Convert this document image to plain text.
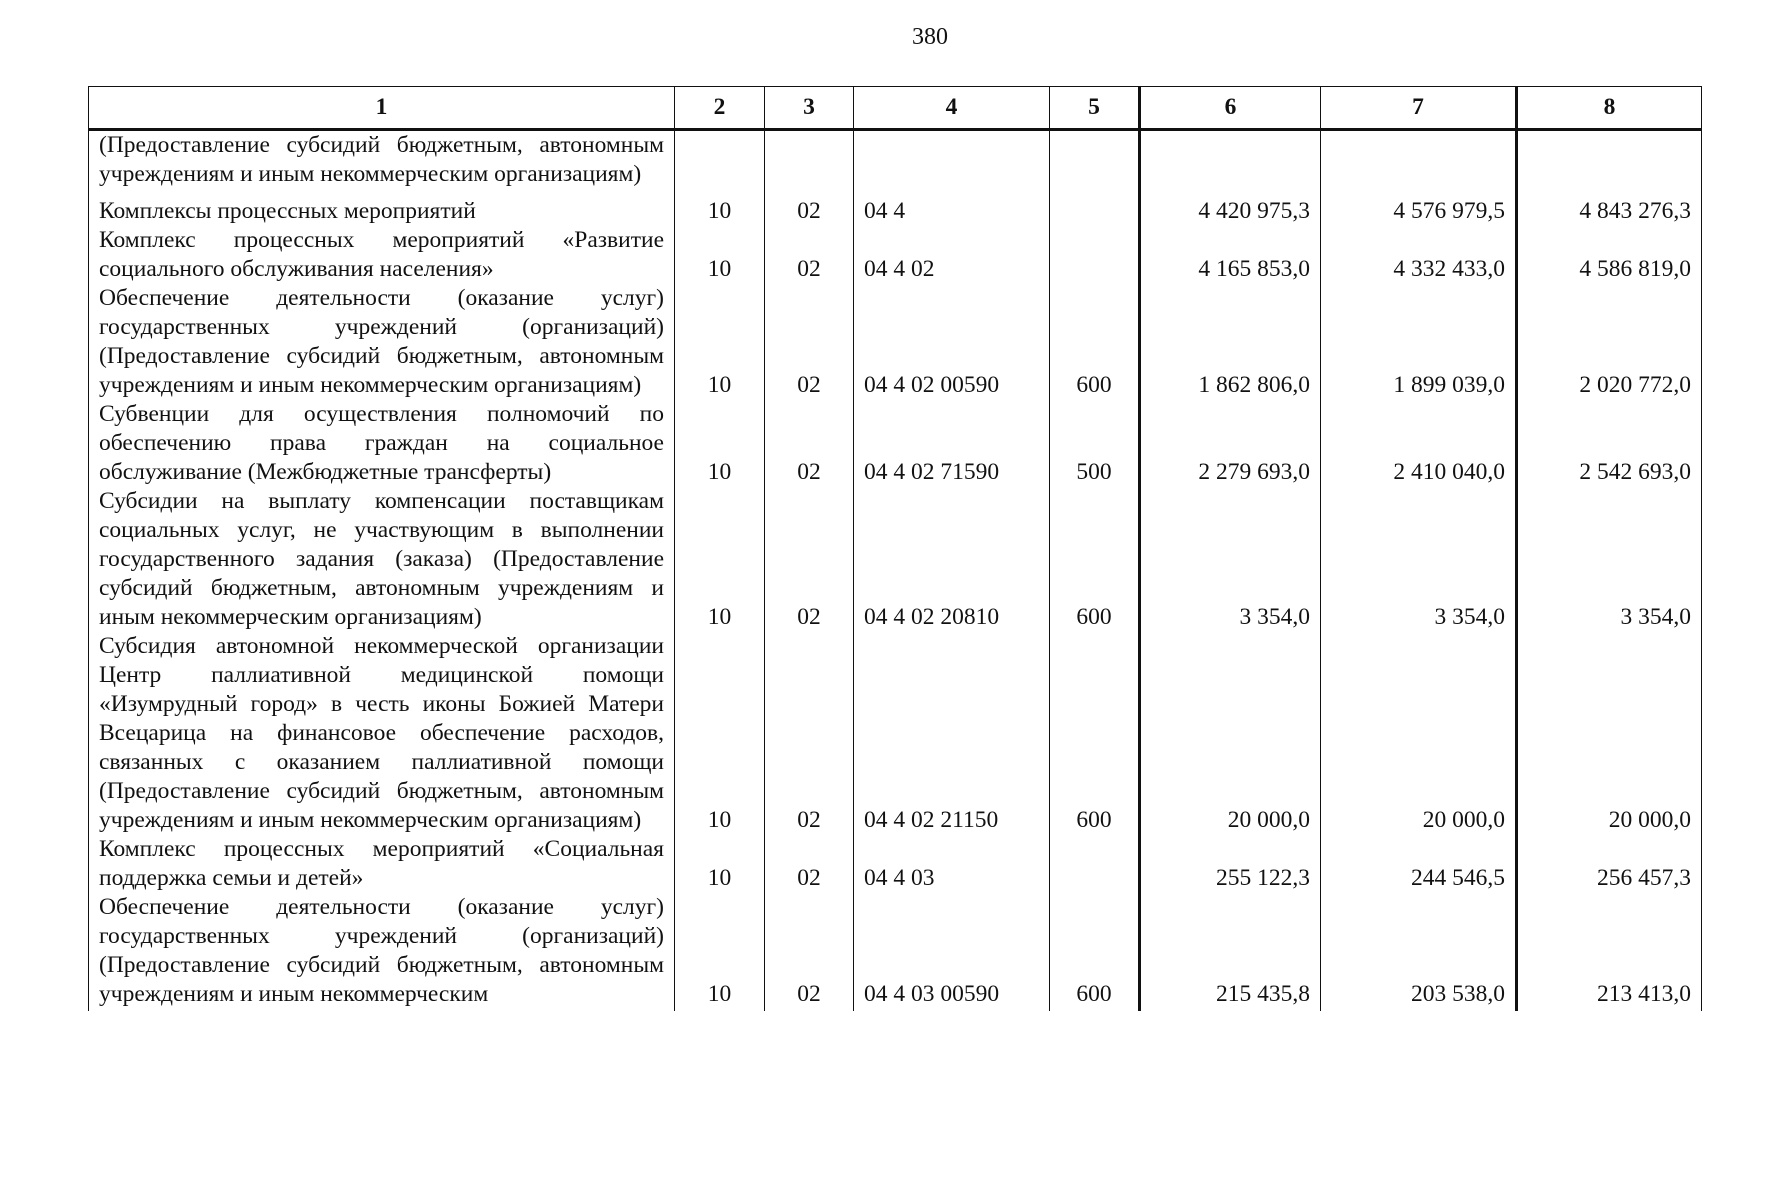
380
1	2	3	4	5	6	7	8
(Предоставление субсидий бюджетным, автономным учреждениям и иным некоммерческим организациям)							

Комплексы процессных мероприятий	10	02	04 4		4 420 975,3	4 576 979,5	4 843 276,3
Комплекс процессных мероприятий «Развитие социального обслуживания населения»	10	02	04 4 02		4 165 853,0	4 332 433,0	4 586 819,0
Обеспечение деятельности (оказание услуг) государственных учреждений (организаций) (Предоставление субсидий бюджетным, автономным учреждениям и иным некоммерческим организациям)	10	02	04 4 02 00590	600	1 862 806,0	1 899 039,0	2 020 772,0
Субвенции для осуществления полномочий по обеспечению права граждан на социальное обслуживание (Межбюджетные трансферты)	10	02	04 4 02 71590	500	2 279 693,0	2 410 040,0	2 542 693,0
Субсидии на выплату компенсации поставщикам социальных услуг, не участвующим в выполнении государственного задания (заказа) (Предоставление субсидий бюджетным, автономным учреждениям и иным некоммерческим организациям)	10	02	04 4 02 20810	600	3 354,0	3 354,0	3 354,0
Субсидия автономной некоммерческой организации Центр паллиативной медицинской помощи «Изумрудный город» в честь иконы Божией Матери Всецарица на финансовое обеспечение расходов, связанных с оказанием паллиативной помощи (Предоставление субсидий бюджетным, автономным учреждениям и иным некоммерческим организациям)	10	02	04 4 02 21150	600	20 000,0	20 000,0	20 000,0
Комплекс процессных мероприятий «Социальная поддержка семьи и детей»	10	02	04 4 03		255 122,3	244 546,5	256 457,3
Обеспечение деятельности (оказание услуг) государственных учреждений (организаций) (Предоставление субсидий бюджетным, автономным учреждениям и иным некоммерческим	10	02	04 4 03 00590	600	215 435,8	203 538,0	213 413,0
